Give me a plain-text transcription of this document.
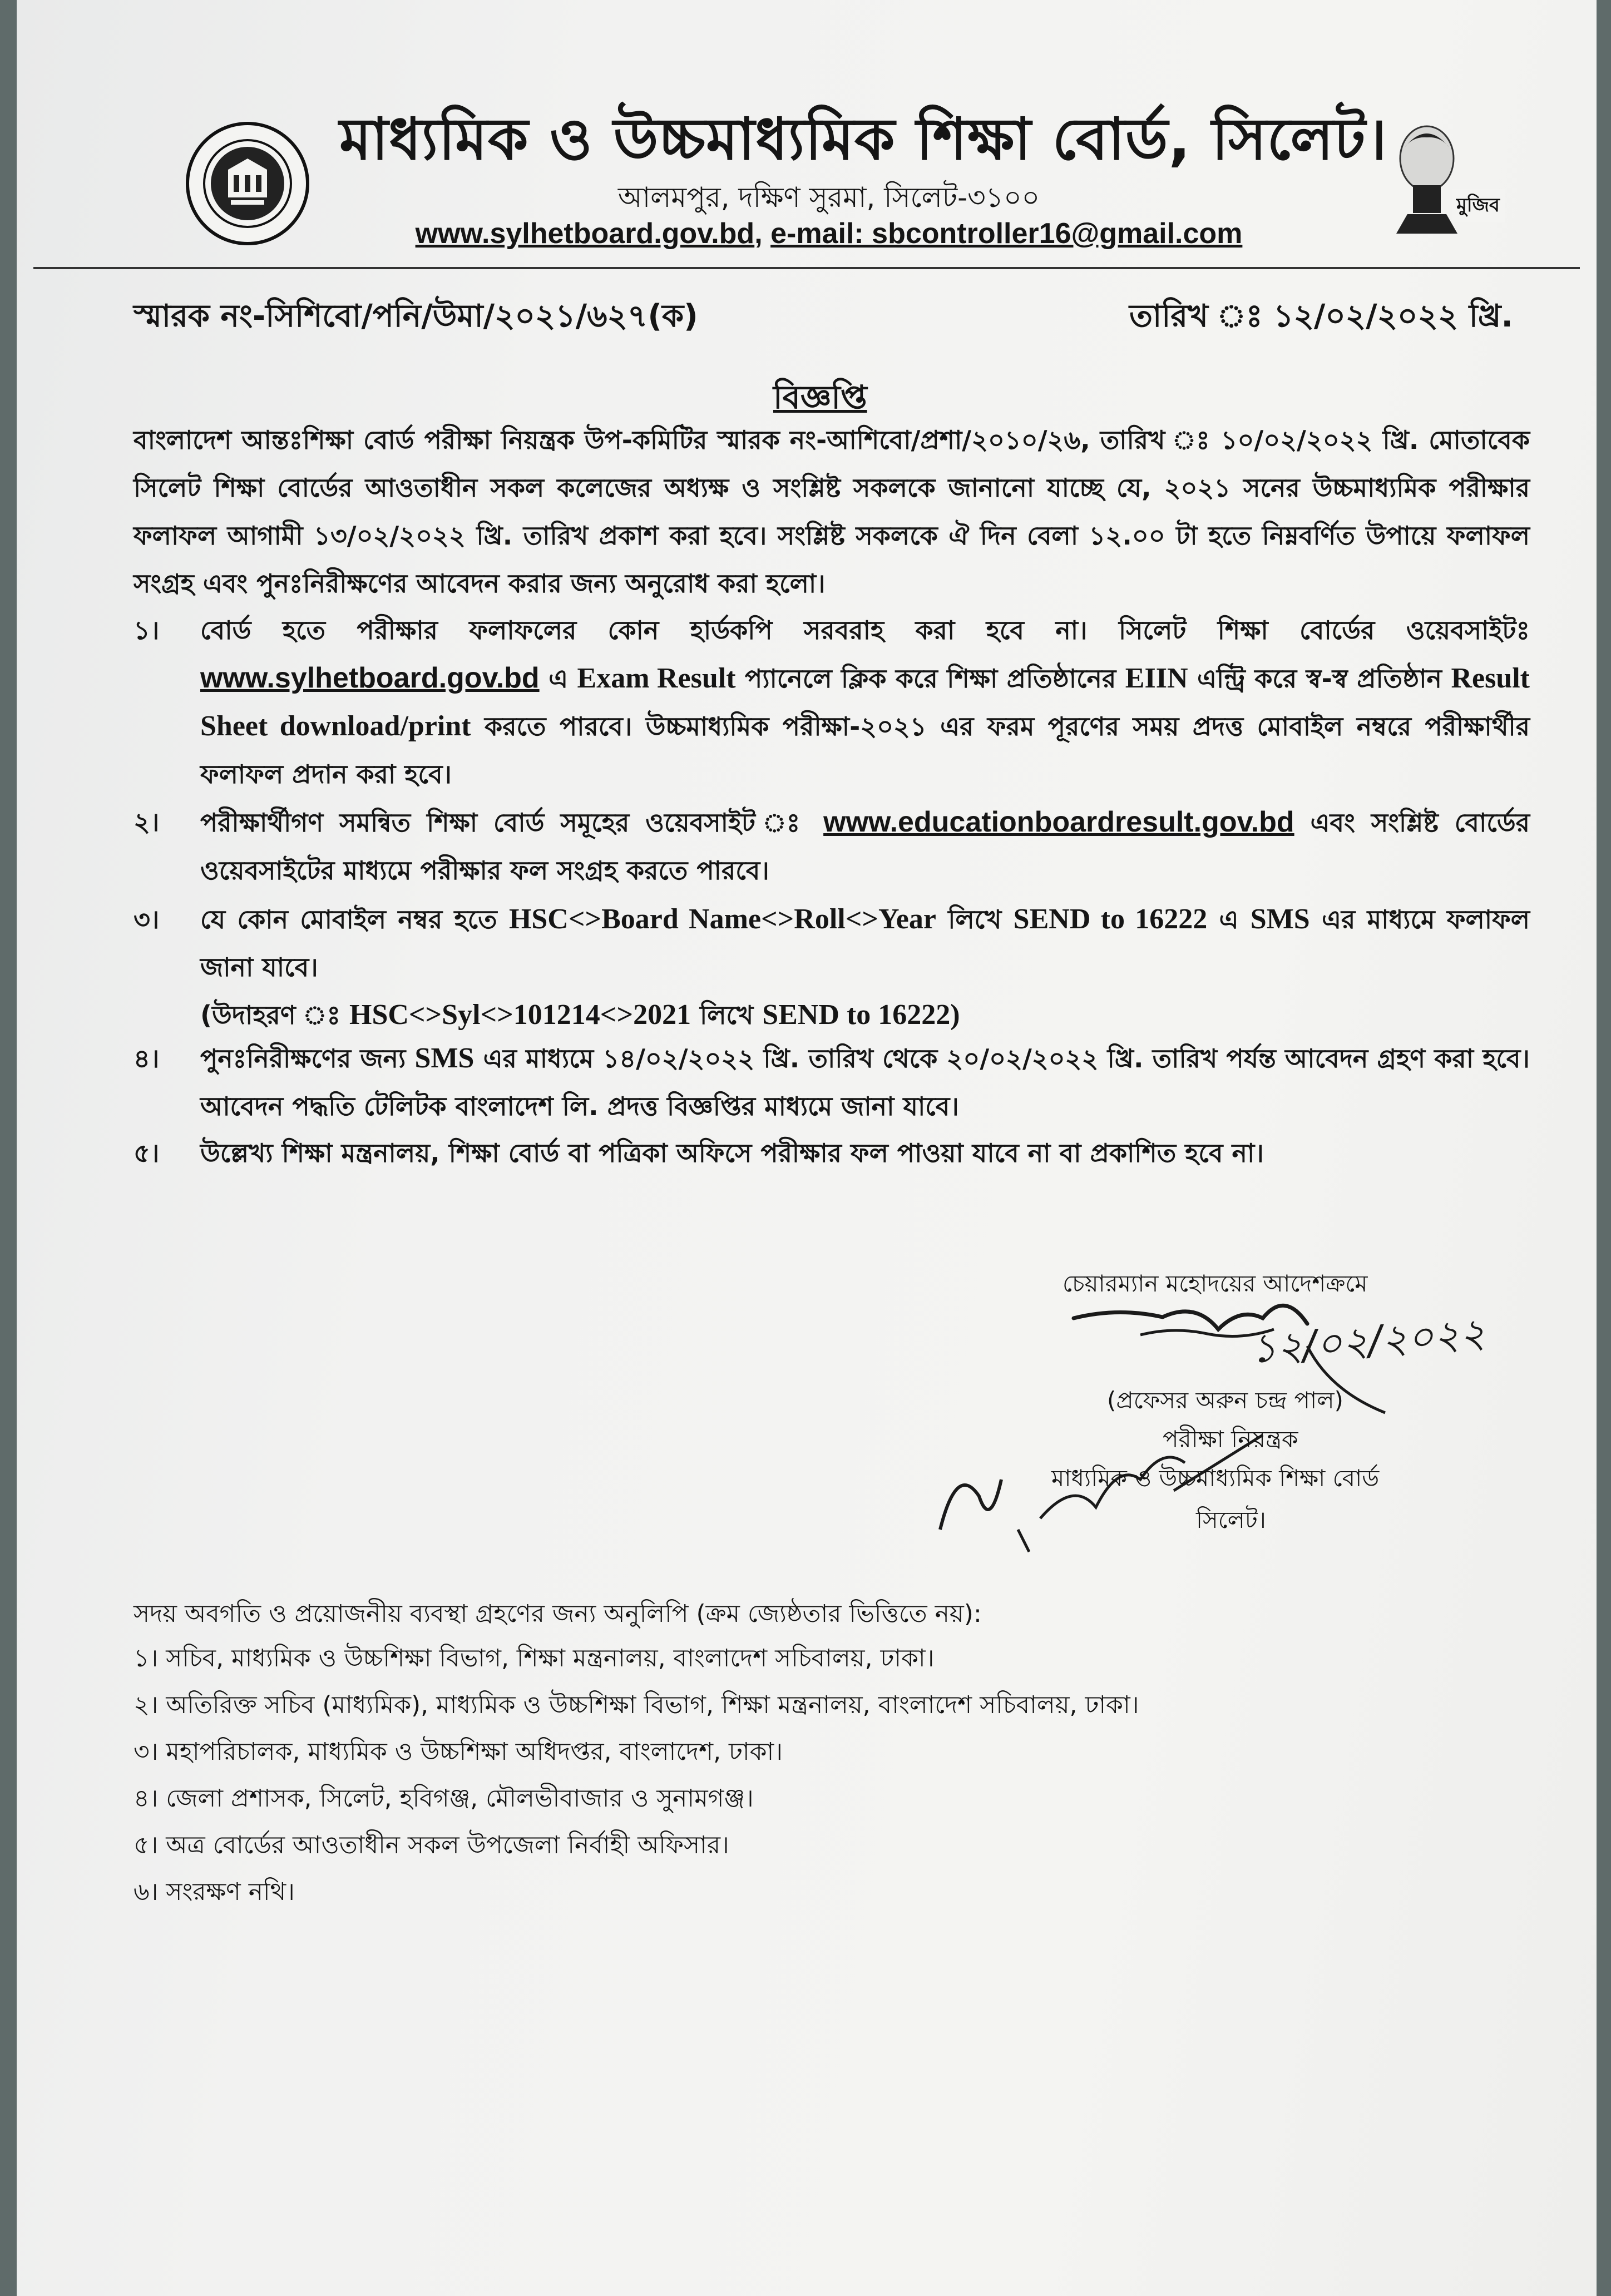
মুজিব
মাধ্যমিক ও উচ্চমাধ্যমিক শিক্ষা বোর্ড, সিলেট।
আলমপুর, দক্ষিণ সুরমা, সিলেট-৩১০০
www.sylhetboard.gov.bd, e-mail: sbcontroller16@gmail.com
স্মারক নং-সিশিবো/পনি/উমা/২০২১/৬২৭(ক)	তারিখ ঃ ১২/০২/২০২২ খ্রি.
বিজ্ঞপ্তি
বাংলাদেশ আন্তঃশিক্ষা বোর্ড পরীক্ষা নিয়ন্ত্রক উপ-কমিটির স্মারক নং-আশিবো/প্রশা/২০১০/২৬, তারিখ ঃ ১০/০২/২০২২ খ্রি. মোতাবেক সিলেট শিক্ষা বোর্ডের আওতাধীন সকল কলেজের অধ্যক্ষ ও সংশ্লিষ্ট সকলকে জানানো যাচ্ছে যে, ২০২১ সনের উচ্চমাধ্যমিক পরীক্ষার ফলাফল আগামী ১৩/০২/২০২২ খ্রি. তারিখ প্রকাশ করা হবে। সংশ্লিষ্ট সকলকে ঐ দিন বেলা ১২.০০ টা হতে নিম্নবর্ণিত উপায়ে ফলাফল সংগ্রহ এবং পুনঃনিরীক্ষণের আবেদন করার জন্য অনুরোধ করা হলো।
১। বোর্ড হতে পরীক্ষার ফলাফলের কোন হার্ডকপি সরবরাহ করা হবে না। সিলেট শিক্ষা বোর্ডের ওয়েবসাইটঃ www.sylhetboard.gov.bd এ Exam Result প্যানেলে ক্লিক করে শিক্ষা প্রতিষ্ঠানের EIIN এন্ট্রি করে স্ব-স্ব প্রতিষ্ঠান Result Sheet download/print করতে পারবে। উচ্চমাধ্যমিক পরীক্ষা-২০২১ এর ফরম পূরণের সময় প্রদত্ত মোবাইল নম্বরে পরীক্ষার্থীর ফলাফল প্রদান করা হবে।
২। পরীক্ষার্থীগণ সমন্বিত শিক্ষা বোর্ড সমূহের ওয়েবসাইট ঃ www.educationboardresult.gov.bd এবং সংশ্লিষ্ট বোর্ডের ওয়েবসাইটের মাধ্যমে পরীক্ষার ফল সংগ্রহ করতে পারবে।
৩। যে কোন মোবাইল নম্বর হতে HSC<>Board Name<>Roll<>Year লিখে SEND to 16222 এ SMS এর মাধ্যমে ফলাফল জানা যাবে।
(উদাহরণ ঃ HSC<>Syl<>101214<>2021 লিখে SEND to 16222)
৪। পুনঃনিরীক্ষণের জন্য SMS এর মাধ্যমে ১৪/০২/২০২২ খ্রি. তারিখ থেকে ২০/০২/২০২২ খ্রি. তারিখ পর্যন্ত আবেদন গ্রহণ করা হবে। আবেদন পদ্ধতি টেলিটক বাংলাদেশ লি. প্রদত্ত বিজ্ঞপ্তির মাধ্যমে জানা যাবে।
৫। উল্লেখ্য শিক্ষা মন্ত্রনালয়, শিক্ষা বোর্ড বা পত্রিকা অফিসে পরীক্ষার ফল পাওয়া যাবে না বা প্রকাশিত হবে না।
চেয়ারম্যান মহোদয়ের আদেশক্রমে
১২/০২/২০২২
(প্রফেসর অরুন চন্দ্র পাল)
পরীক্ষা নিয়ন্ত্রক
মাধ্যমিক ও উচ্চমাধ্যমিক শিক্ষা বোর্ড
সিলেট।
সদয় অবগতি ও প্রয়োজনীয় ব্যবস্থা গ্রহণের জন্য অনুলিপি (ক্রম জ্যেষ্ঠতার ভিত্তিতে নয়):
১। সচিব, মাধ্যমিক ও উচ্চশিক্ষা বিভাগ, শিক্ষা মন্ত্রনালয়, বাংলাদেশ সচিবালয়, ঢাকা।
২। অতিরিক্ত সচিব (মাধ্যমিক), মাধ্যমিক ও উচ্চশিক্ষা বিভাগ, শিক্ষা মন্ত্রনালয়, বাংলাদেশ সচিবালয়, ঢাকা।
৩। মহাপরিচালক, মাধ্যমিক ও উচ্চশিক্ষা অধিদপ্তর, বাংলাদেশ, ঢাকা।
৪। জেলা প্রশাসক, সিলেট, হবিগঞ্জ, মৌলভীবাজার ও সুনামগঞ্জ।
৫। অত্র বোর্ডের আওতাধীন সকল উপজেলা নির্বাহী অফিসার।
৬। সংরক্ষণ নথি।
